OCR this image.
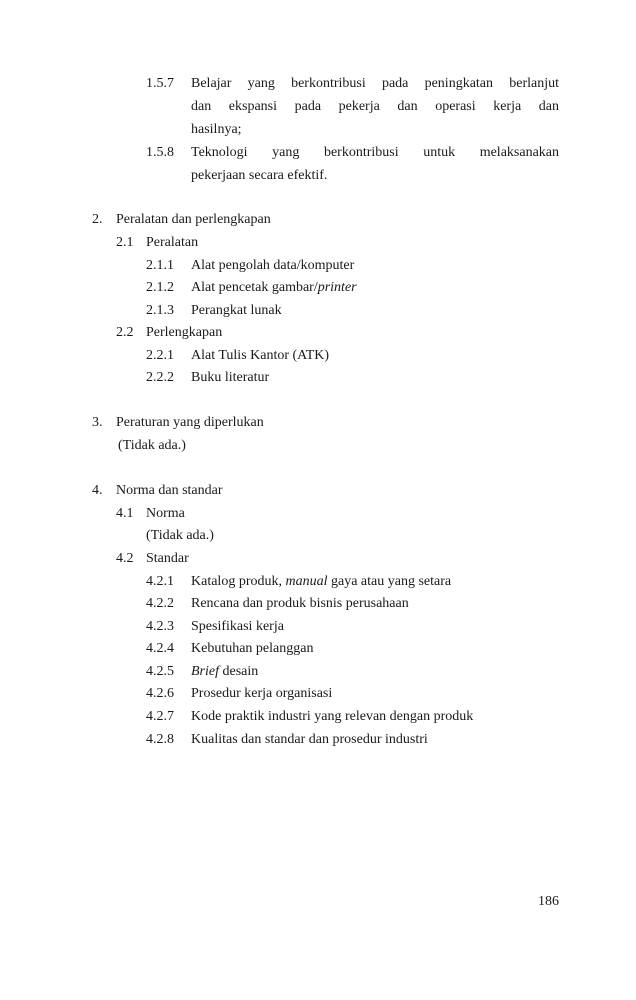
1.5.7 Belajar yang berkontribusi pada peningkatan berlanjut
dan ekspansi pada pekerja dan operasi kerja dan
hasilnya;
1.5.8 Teknologi yang berkontribusi untuk melaksanakan
pekerjaan secara efektif.
2. Peralatan dan perlengkapan
2.1 Peralatan
2.1.1 Alat pengolah data/komputer
2.1.2 Alat pencetak gambar/printer
2.1.3 Perangkat lunak
2.2 Perlengkapan
2.2.1 Alat Tulis Kantor (ATK)
2.2.2 Buku literatur
3. Peraturan yang diperlukan
(Tidak ada.)
4. Norma dan standar
4.1 Norma
(Tidak ada.)
4.2 Standar
4.2.1 Katalog produk, manual gaya atau yang setara
4.2.2 Rencana dan produk bisnis perusahaan
4.2.3 Spesifikasi kerja
4.2.4 Kebutuhan pelanggan
4.2.5 Brief desain
4.2.6 Prosedur kerja organisasi
4.2.7 Kode praktik industri yang relevan dengan produk
4.2.8 Kualitas dan standar dan prosedur industri
186
